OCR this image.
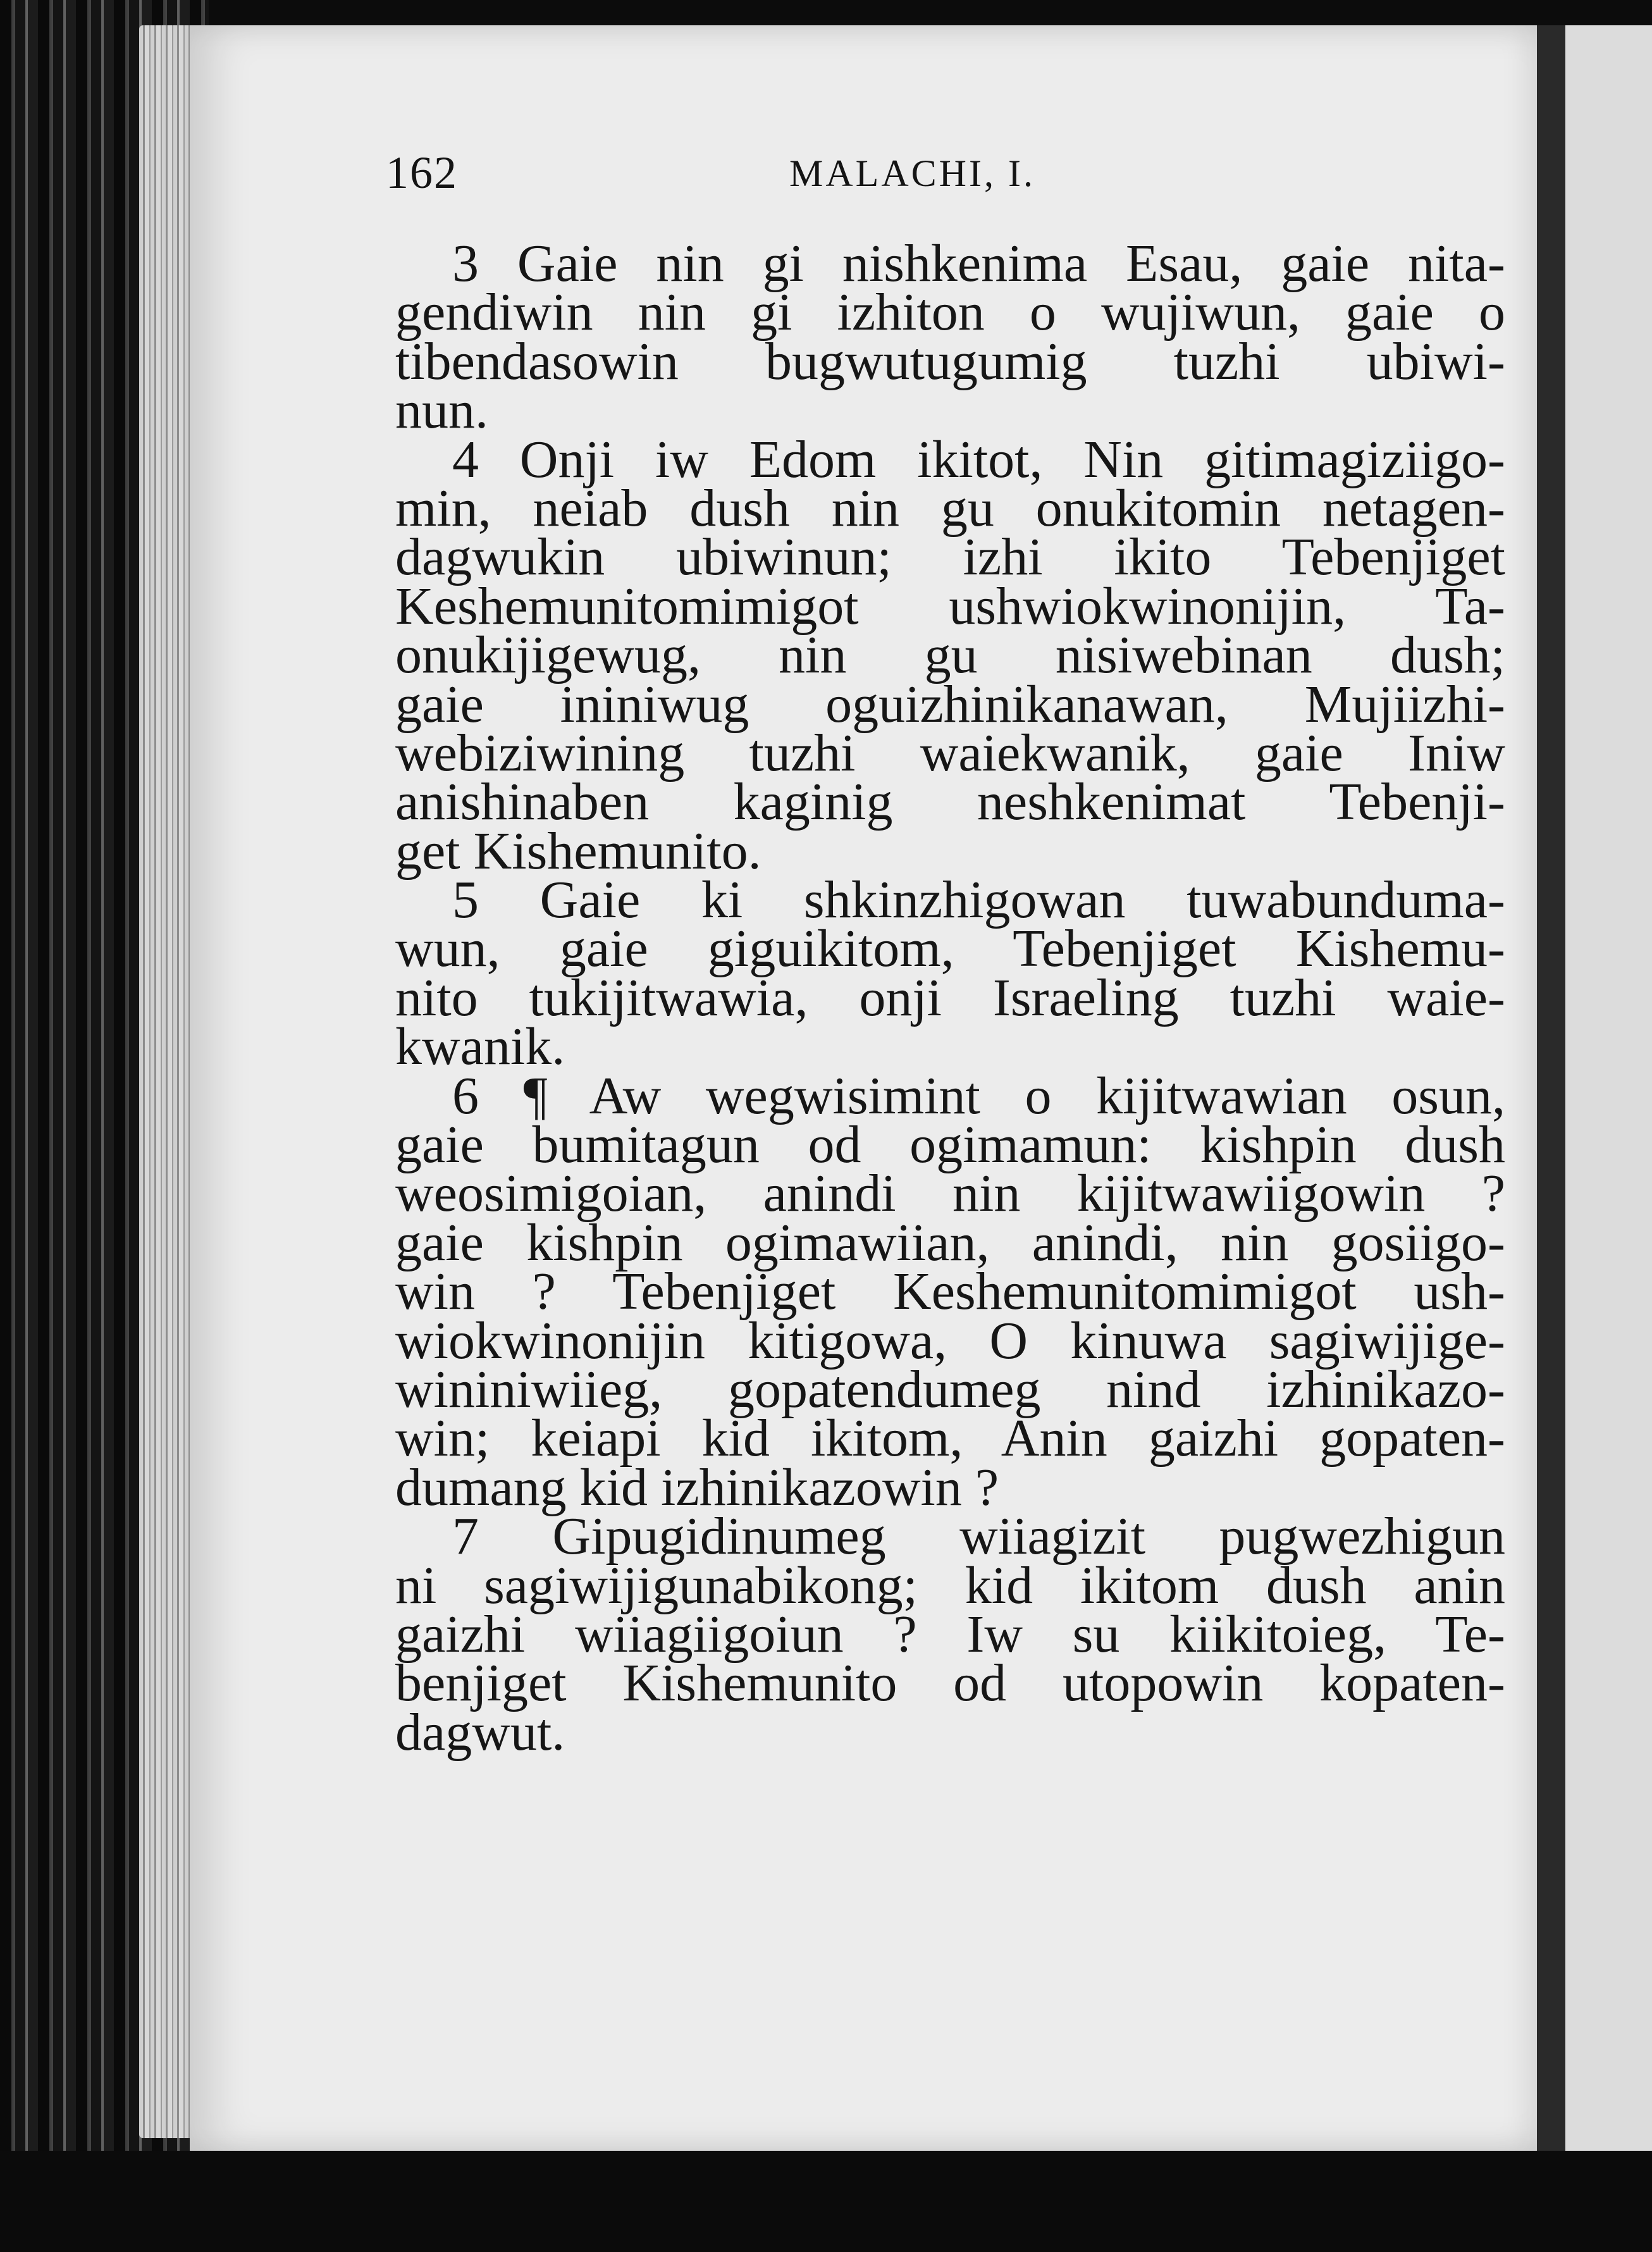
162	MALACHI, I.
3 Gaie nin gi nishkenima Esau, gaie nita-
gendiwin nin gi izhiton o wujiwun, gaie o
tibendasowin bugwutugumig tuzhi ubiwi-
nun.
4 Onji iw Edom ikitot, Nin gitimagiziigo-
min, neiab dush nin gu onukitomin netagen-
dagwukin ubiwinun; izhi ikito Tebenjiget
Keshemunitomimigot ushwiokwinonijin, Ta-
onukijigewug, nin gu nisiwebinan dush;
gaie ininiwug oguizhinikanawan, Mujiizhi-
webiziwining tuzhi waiekwanik, gaie Iniw
anishinaben kaginig neshkenimat Tebenji-
get Kishemunito.
5 Gaie ki shkinzhigowan tuwabunduma-
wun, gaie giguikitom, Tebenjiget Kishemu-
nito tukijitwawia, onji Israeling tuzhi waie-
kwanik.
6 ¶ Aw wegwisimint o kijitwawian osun,
gaie bumitagun od ogimamun: kishpin dush
weosimigoian, anindi nin kijitwawiigowin ?
gaie kishpin ogimawiian, anindi, nin gosiigo-
win ? Tebenjiget Keshemunitomimigot ush-
wiokwinonijin kitigowa, O kinuwa sagiwijige-
wininiwiieg, gopatendumeg nind izhinikazo-
win; keiapi kid ikitom, Anin gaizhi gopaten-
dumang kid izhinikazowin ?
7 Gipugidinumeg wiiagizit pugwezhigun
ni sagiwijigunabikong; kid ikitom dush anin
gaizhi wiiagiigoiun ? Iw su kiikitoieg, Te-
benjiget Kishemunito od utopowin kopaten-
dagwut.
